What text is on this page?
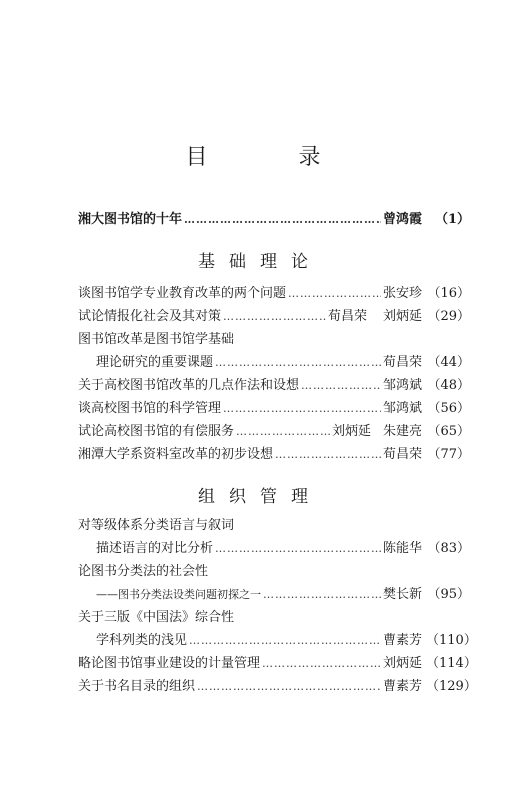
目 录
湘大图书馆的十年 ……………………………………………………………………………………………………………	曾鸿霞 （1）
基础理论
谈图书馆学专业教育改革的两个问题 ……………………………………………………………………………………………………………	张安珍 （16）
试论情报化社会及其对策 ……………………………………………………………………………………………………………	荀昌荣 刘炳延 （29）
图书馆改革是图书馆学基础
理论研究的重要课题 ……………………………………………………………………………………………………………	荀昌荣 （44）
关于高校图书馆改革的几点作法和设想 ……………………………………………………………………………………………………………	邹鸿斌 （48）
谈高校图书馆的科学管理 ……………………………………………………………………………………………………………	邹鸿斌 （56）
试论高校图书馆的有偿服务 ……………………………………………………………………………………………………………	刘炳延 朱建亮 （65）
湘潭大学系资料室改革的初步设想 ……………………………………………………………………………………………………………	荀昌荣 （77）
组织管理
对等级体系分类语言与叙词
描述语言的对比分析 ……………………………………………………………………………………………………………	陈能华 （83）
论图书分类法的社会性
——图书分类法设类问题初探之一 ……………………………………………………………………………………………………………	樊长新 （95）
关于三版《中国法》综合性
学科列类的浅见 ……………………………………………………………………………………………………………	曹素芳 （110）
略论图书馆事业建设的计量管理 ……………………………………………………………………………………………………………	刘炳延 （114）
关于书名目录的组织 ……………………………………………………………………………………………………………	曹素芳 （129）
